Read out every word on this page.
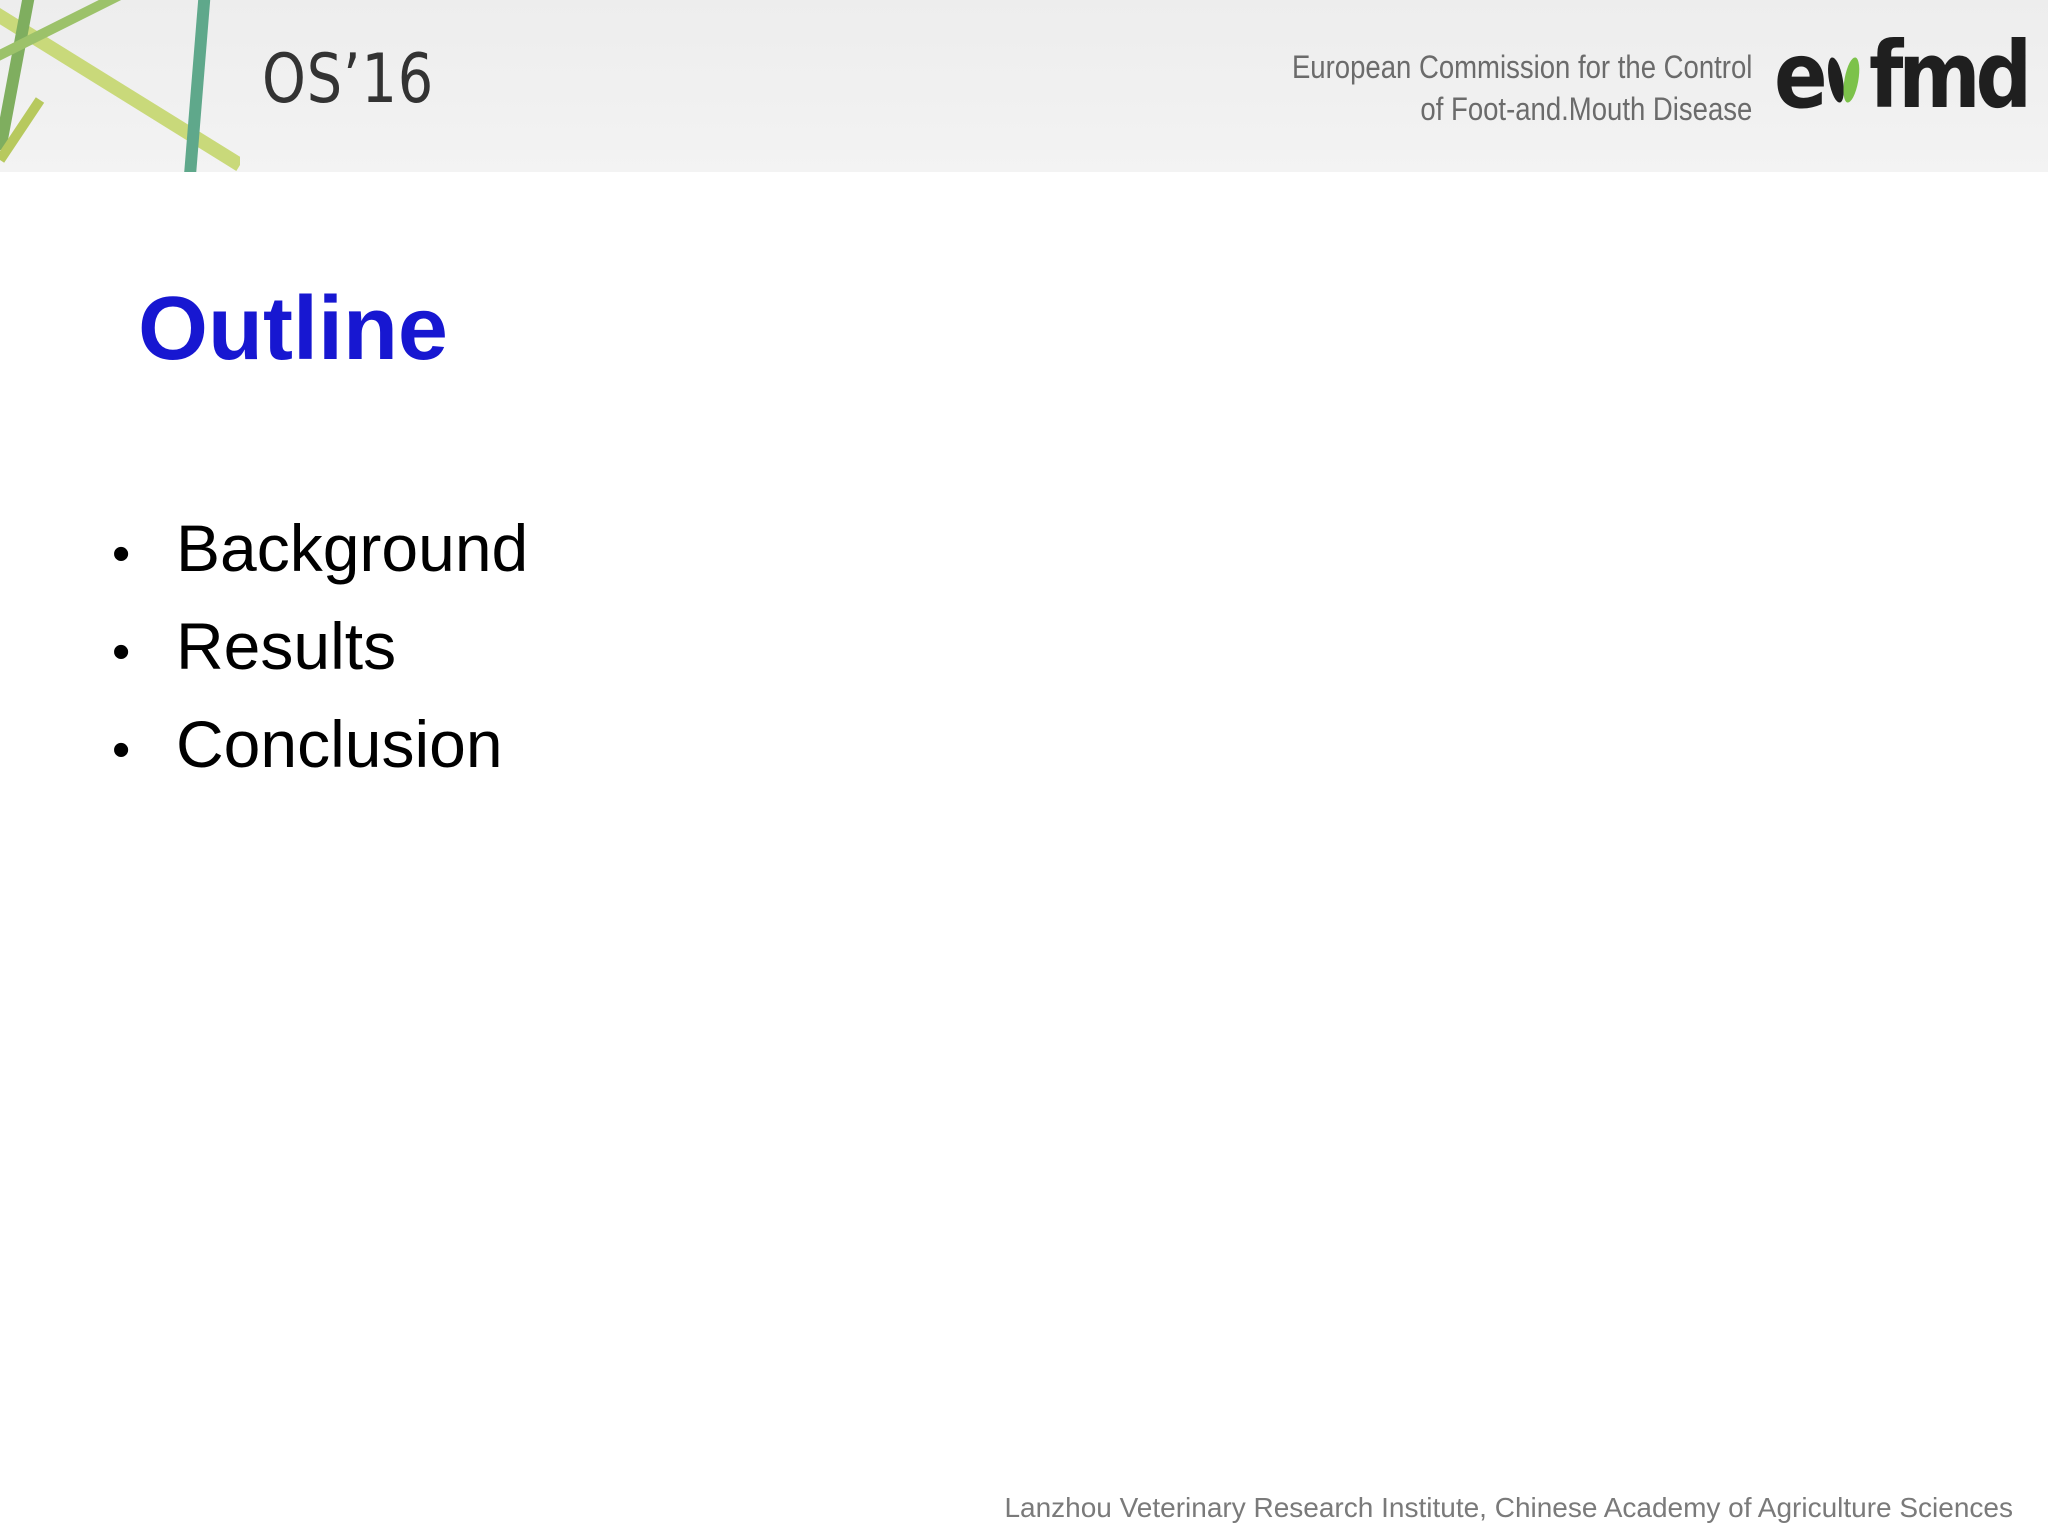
OS’16	European Commission for the Control
of Foot-and.Mouth Disease e fmd
Outline
• Background
• Results
• Conclusion
Lanzhou Veterinary Research Institute, Chinese Academy of Agriculture Sciences
